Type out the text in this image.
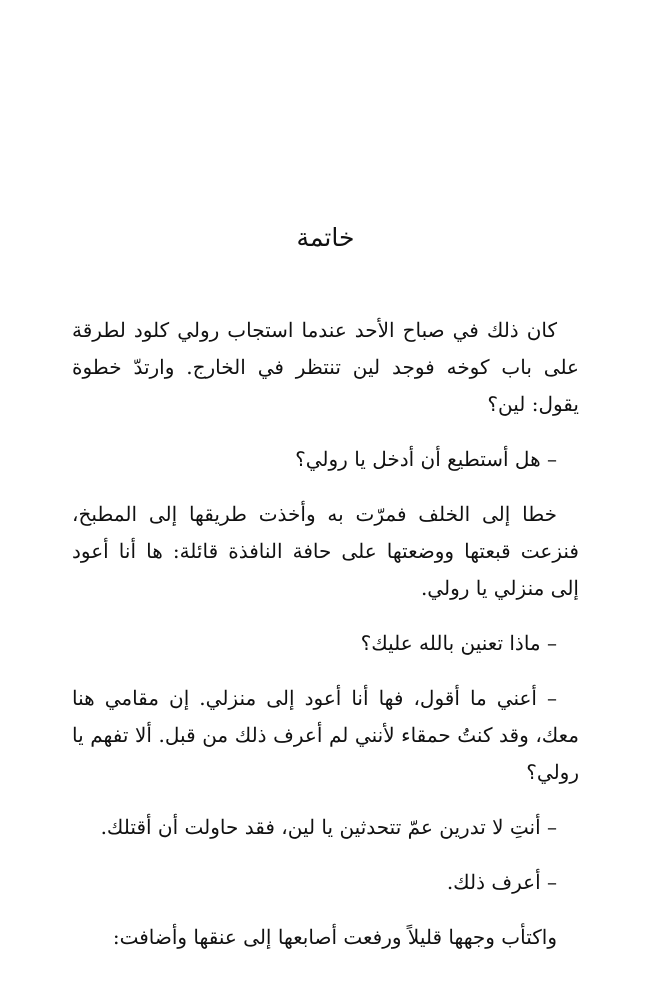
خاتمة

كان ذلك في صباح الأحد عندما استجاب رولي كلود لطرقة على باب كوخه فوجد لين تنتظر في الخارج. وارتدّ خطوة يقول: لين؟

– هل أستطيع أن أدخل يا رولي؟

خطا إلى الخلف فمرّت به وأخذت طريقها إلى المطبخ، فنزعت قبعتها ووضعتها على حافة النافذة قائلة: ها أنا أعود إلى منزلي يا رولي.

– ماذا تعنين بالله عليك؟

– أعني ما أقول، فها أنا أعود إلى منزلي. إن مقامي هنا معك، وقد كنتُ حمقاء لأنني لم أعرف ذلك من قبل. ألا تفهم يا رولي؟

– أنتِ لا تدرين عمّ تتحدثين يا لين، فقد حاولت أن أقتلك.

– أعرف ذلك.

واكتأب وجهها قليلاً ورفعت أصابعها إلى عنقها وأضافت:
